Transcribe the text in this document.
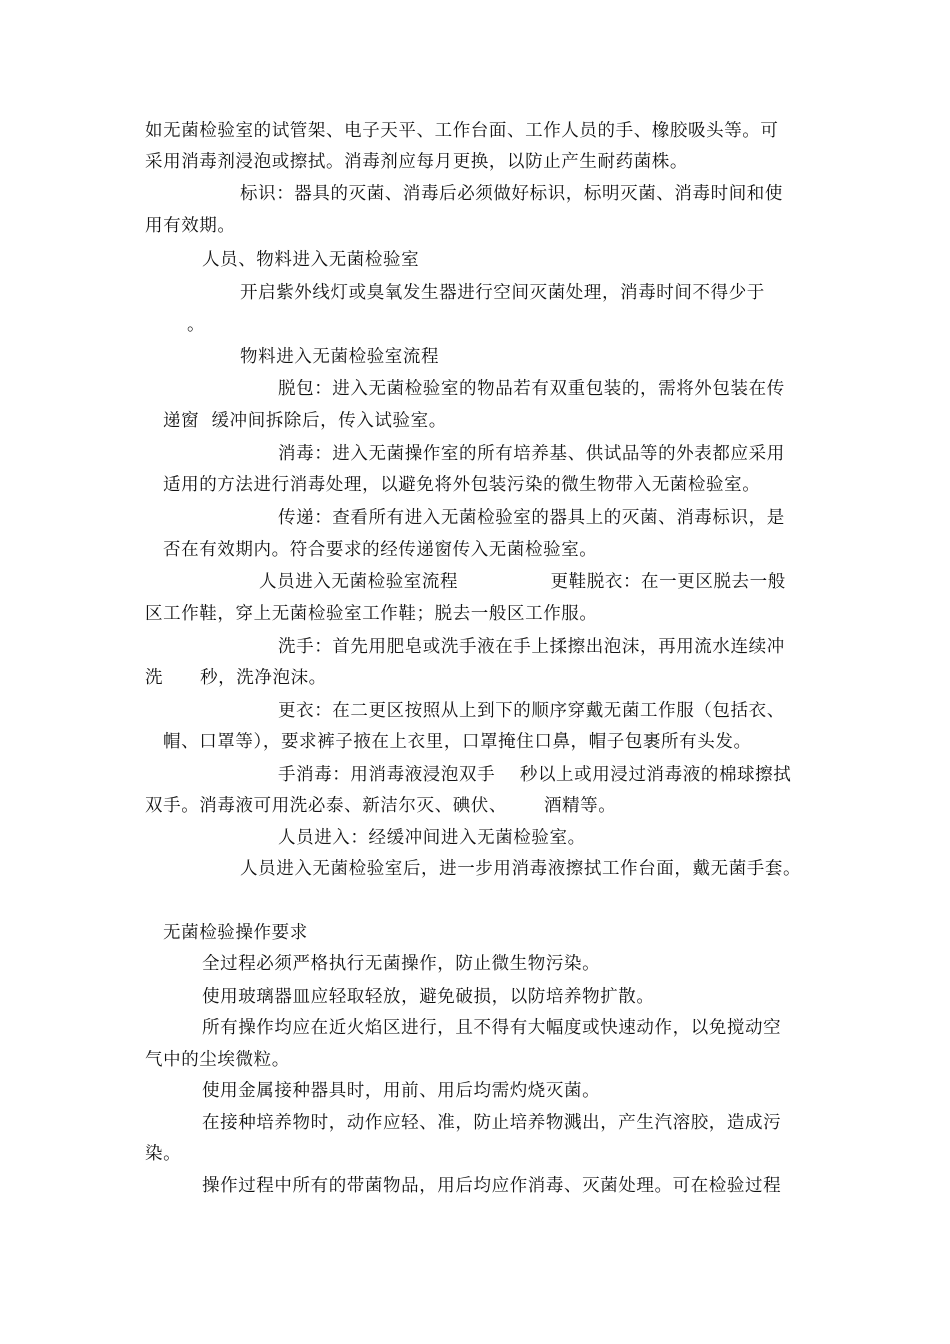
如无菌检验室的试管架、电子天平、工作台面、工作人员的手、橡胶吸头等。可
采用消毒剂浸泡或擦拭。消毒剂应每月更换，以防止产生耐药菌株。
标识：器具的灭菌、消毒后必须做好标识，标明灭菌、消毒时间和使
用有效期。
人员、物料进入无菌检验室
开启紫外线灯或臭氧发生器进行空间灭菌处理，消毒时间不得少于
。
物料进入无菌检验室流程
脱包：进入无菌检验室的物品若有双重包装的，需将外包装在传
递窗  缓冲间拆除后，传入试验室。
消毒：进入无菌操作室的所有培养基、供试品等的外表都应采用
适用的方法进行消毒处理，以避免将外包装污染的微生物带入无菌检验室。
传递：查看所有进入无菌检验室的器具上的灭菌、消毒标识，是
否在有效期内。符合要求的经传递窗传入无菌检验室。
人员进入无菌检验室流程               更鞋脱衣：在一更区脱去一般
区工作鞋，穿上无菌检验室工作鞋；脱去一般区工作服。
洗手：首先用肥皂或洗手液在手上揉擦出泡沫，再用流水连续冲
洗      秒，洗净泡沫。
更衣：在二更区按照从上到下的顺序穿戴无菌工作服（包括衣、
帽、口罩等），要求裤子掖在上衣里，口罩掩住口鼻，帽子包裹所有头发。
手消毒：用消毒液浸泡双手    秒以上或用浸过消毒液的棉球擦拭
双手。消毒液可用洗必泰、新洁尔灭、碘伏、      酒精等。
人员进入：经缓冲间进入无菌检验室。
人员进入无菌检验室后，进一步用消毒液擦拭工作台面，戴无菌手套。
无菌检验操作要求
全过程必须严格执行无菌操作，防止微生物污染。
使用玻璃器皿应轻取轻放，避免破损，以防培养物扩散。
所有操作均应在近火焰区进行，且不得有大幅度或快速动作，以免搅动空
气中的尘埃微粒。
使用金属接种器具时，用前、用后均需灼烧灭菌。
在接种培养物时，动作应轻、准，防止培养物溅出，产生汽溶胶，造成污
染。
操作过程中所有的带菌物品，用后均应作消毒、灭菌处理。可在检验过程
